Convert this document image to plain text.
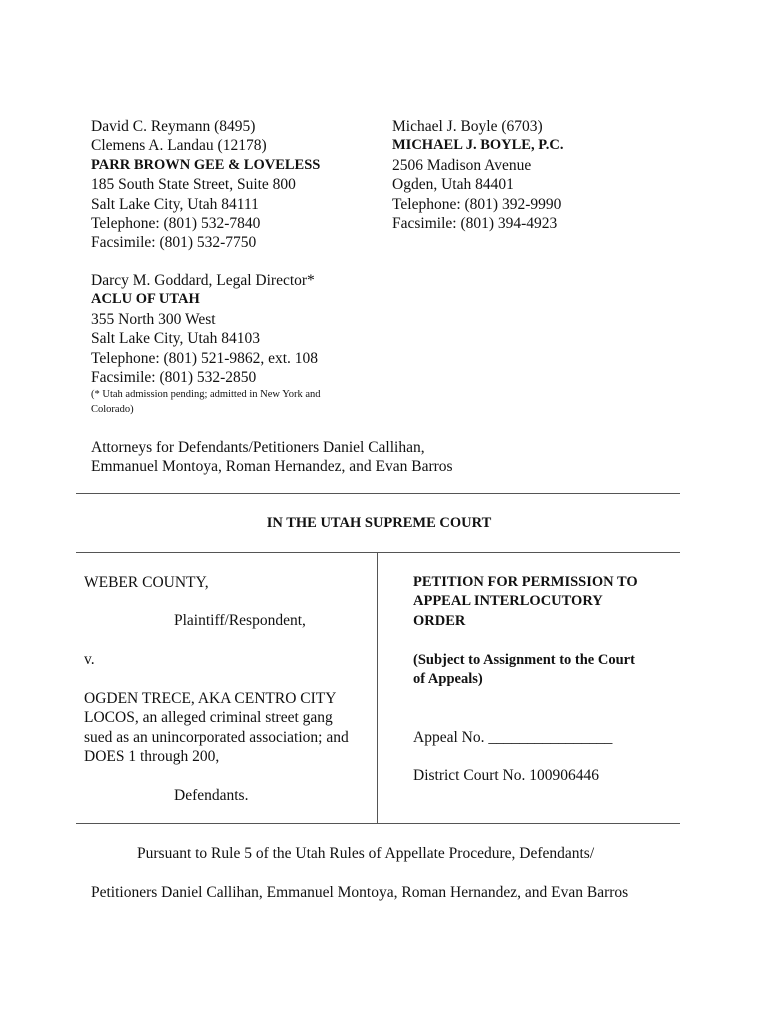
David C. Reymann (8495)
Clemens A. Landau (12178)
PARR BROWN GEE & LOVELESS
185 South State Street, Suite 800
Salt Lake City, Utah 84111
Telephone: (801) 532-7840
Facsimile: (801) 532-7750
Michael J. Boyle (6703)
MICHAEL J. BOYLE, P.C.
2506 Madison Avenue
Ogden, Utah 84401
Telephone: (801) 392-9990
Facsimile: (801) 394-4923
Darcy M. Goddard, Legal Director*
ACLU OF UTAH
355 North 300 West
Salt Lake City, Utah 84103
Telephone: (801) 521-9862, ext. 108
Facsimile: (801) 532-2850
(* Utah admission pending; admitted in New York and
Colorado)
Attorneys for Defendants/Petitioners Daniel Callihan,
Emmanuel Montoya, Roman Hernandez, and Evan Barros
IN THE UTAH SUPREME COURT
WEBER COUNTY,
Plaintiff/Respondent,
v.
OGDEN TRECE, AKA CENTRO CITY
LOCOS, an alleged criminal street gang
sued as an unincorporated association; and
DOES 1 through 200,
Defendants.
PETITION FOR PERMISSION TO
APPEAL INTERLOCUTORY
ORDER
(Subject to Assignment to the Court
of Appeals)
Appeal No. ________________
District Court No. 100906446
Pursuant to Rule 5 of the Utah Rules of Appellate Procedure, Defendants/
Petitioners Daniel Callihan, Emmanuel Montoya, Roman Hernandez, and Evan Barros
